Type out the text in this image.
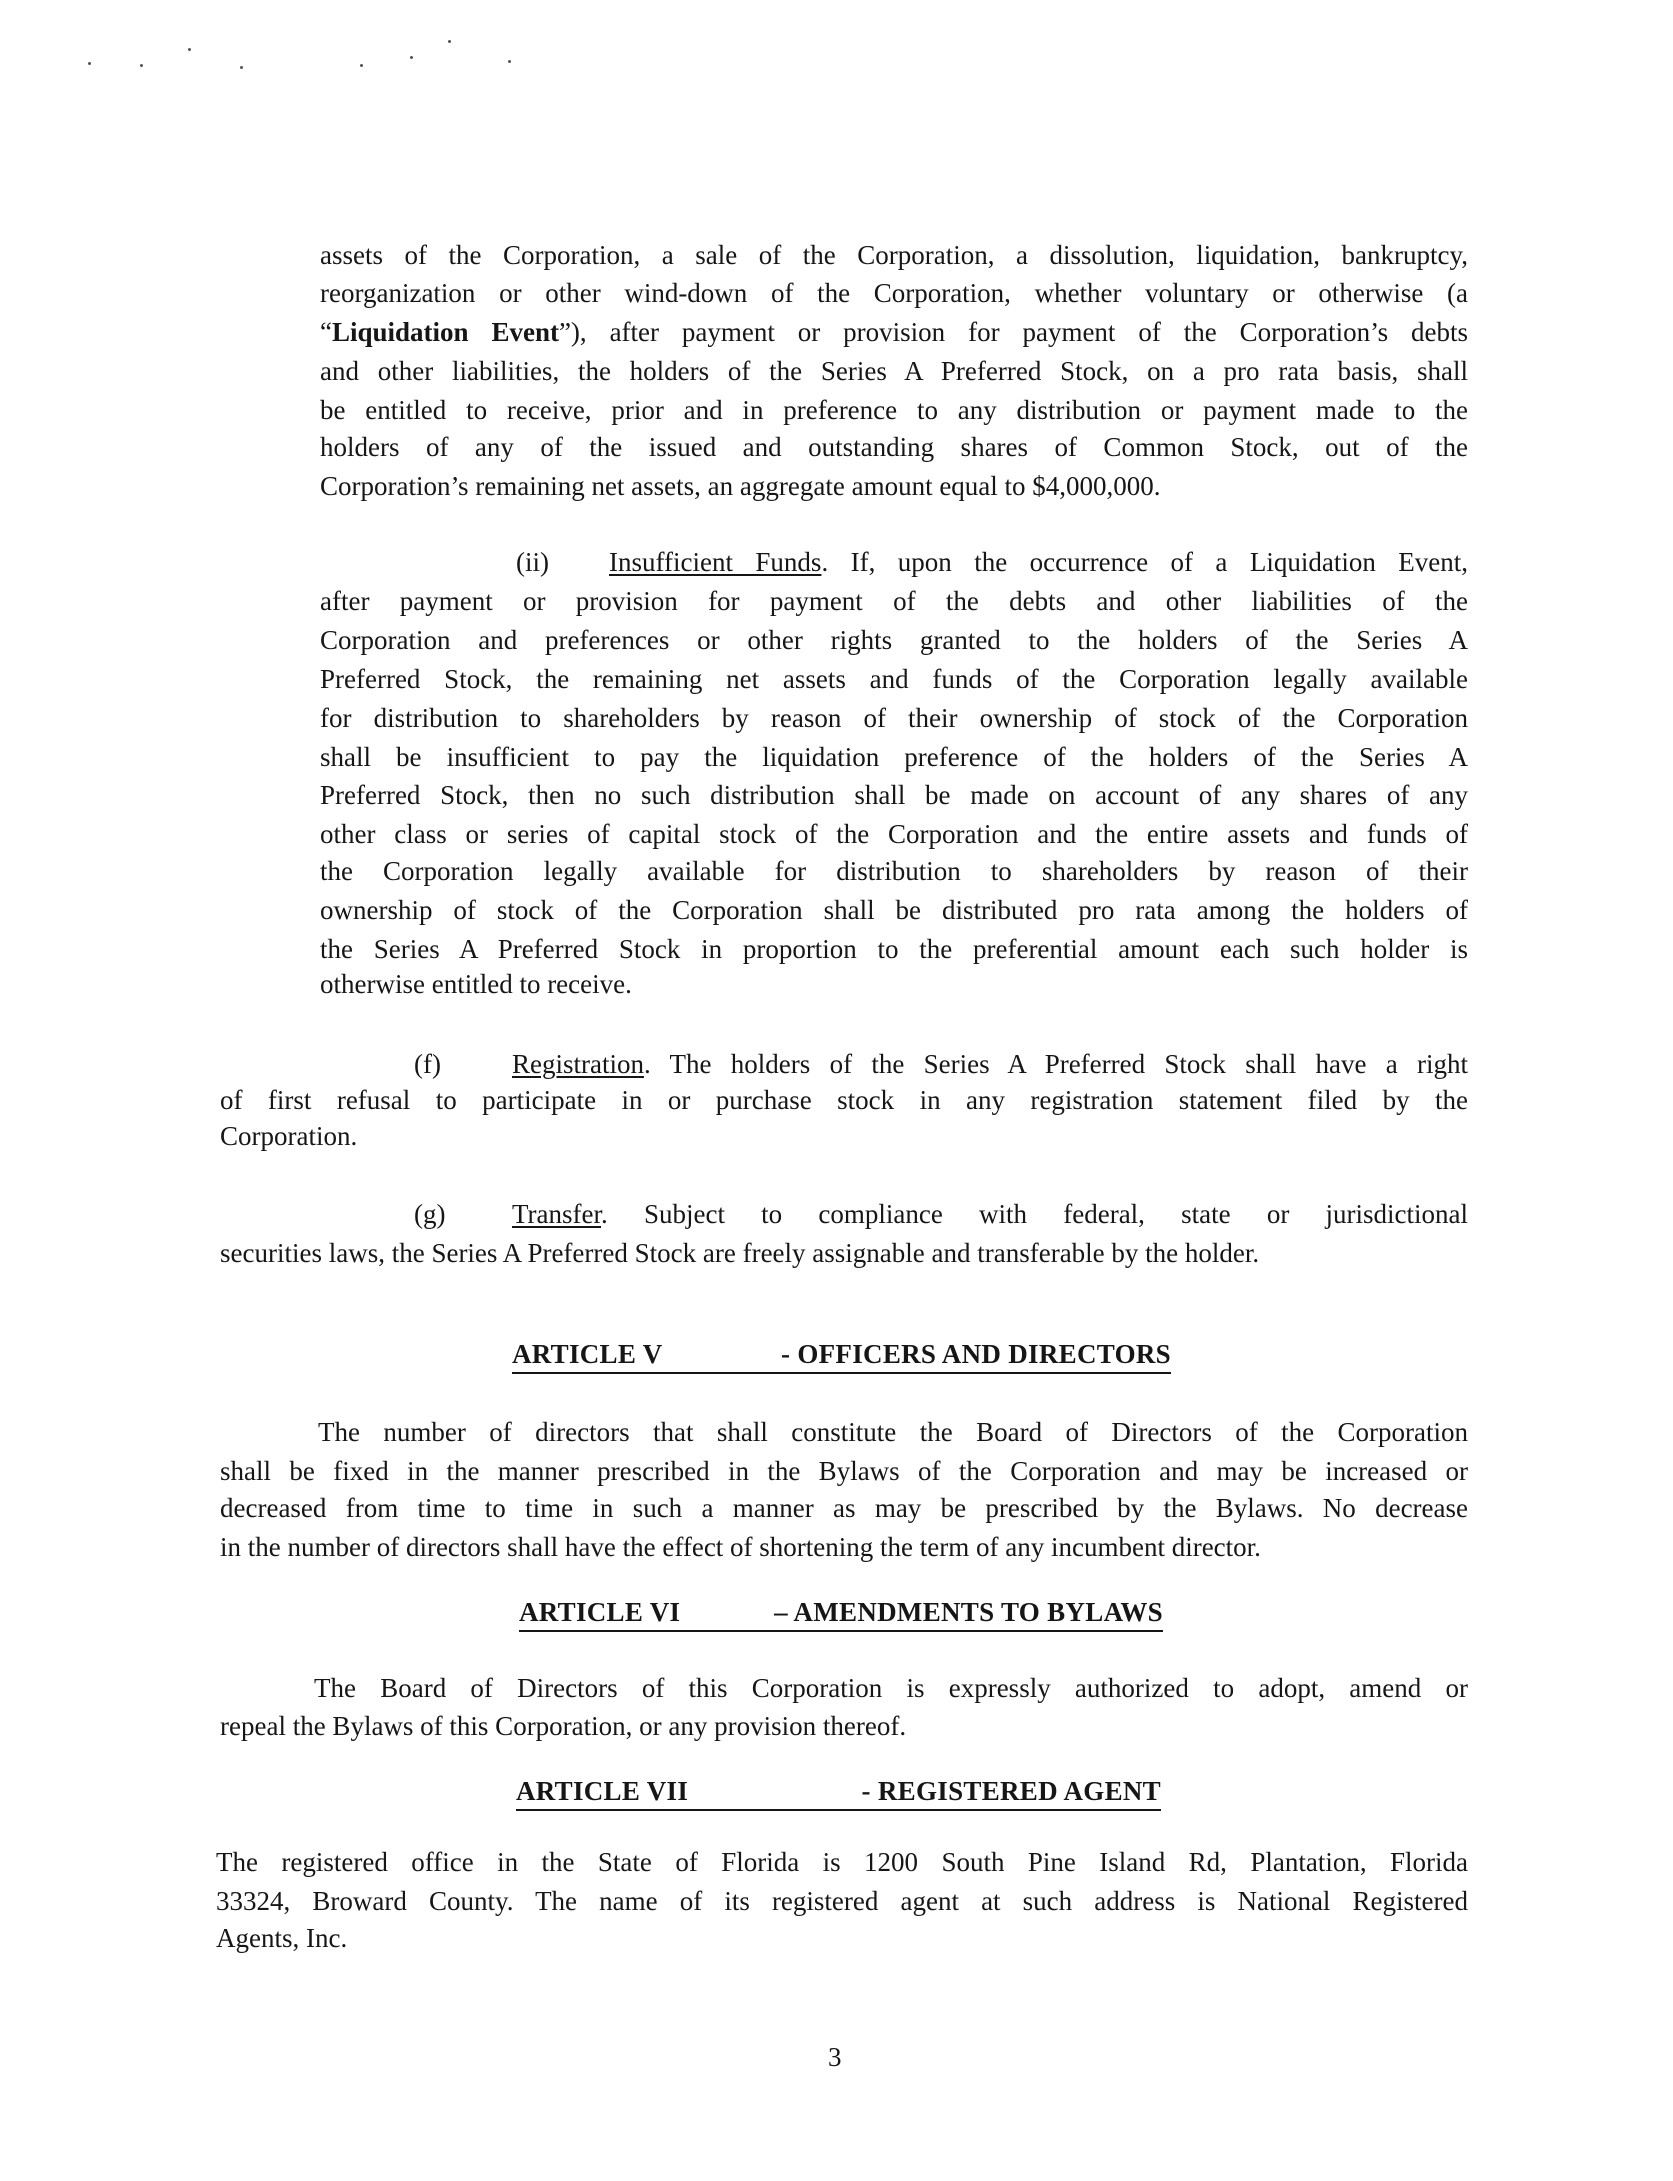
3
assets of the Corporation, a sale of the Corporation, a dissolution, liquidation, bankruptcy,
reorganization or other wind-down of the Corporation, whether voluntary or otherwise (a
“Liquidation Event”), after payment or provision for payment of the Corporation’s debts
and other liabilities, the holders of the Series A Preferred Stock, on a pro rata basis, shall
be entitled to receive, prior and in preference to any distribution or payment made to the
holders of any of the issued and outstanding shares of Common Stock, out of the
Corporation’s remaining net assets, an aggregate amount equal to $4,000,000.
(ii) Insufficient Funds. If, upon the occurrence of a Liquidation Event,
after payment or provision for payment of the debts and other liabilities of the
Corporation and preferences or other rights granted to the holders of the Series A
Preferred Stock, the remaining net assets and funds of the Corporation legally available
for distribution to shareholders by reason of their ownership of stock of the Corporation
shall be insufficient to pay the liquidation preference of the holders of the Series A
Preferred Stock, then no such distribution shall be made on account of any shares of any
other class or series of capital stock of the Corporation and the entire assets and funds of
the Corporation legally available for distribution to shareholders by reason of their
ownership of stock of the Corporation shall be distributed pro rata among the holders of
the Series A Preferred Stock in proportion to the preferential amount each such holder is
otherwise entitled to receive.
(f)	Registration. The holders of the Series A Preferred Stock shall have a right
of first refusal to participate in or purchase stock in any registration statement filed by the
Corporation.
(g) Transfer. Subject to compliance with federal, state or jurisdictional
securities laws, the Series A Preferred Stock are freely assignable and transferable by the holder.
The number of directors that shall constitute the Board of Directors of the Corporation
shall be fixed in the manner prescribed in the Bylaws of the Corporation and may be increased or
decreased from time to time in such a manner as may be prescribed by the Bylaws. No decrease
in the number of directors shall have the effect of shortening the term of any incumbent director.
The Board of Directors of this Corporation is expressly authorized to adopt, amend or
repeal the Bylaws of this Corporation, or any provision thereof.
The registered office in the State of Florida is 1200 South Pine Island Rd, Plantation, Florida
33324, Broward County. The name of its registered agent at such address is National Registered
Agents, Inc.
ARTICLE V	- OFFICERS AND DIRECTORS
ARTICLE VI	– AMENDMENTS TO BYLAWS
ARTICLE VII	- REGISTERED AGENT
